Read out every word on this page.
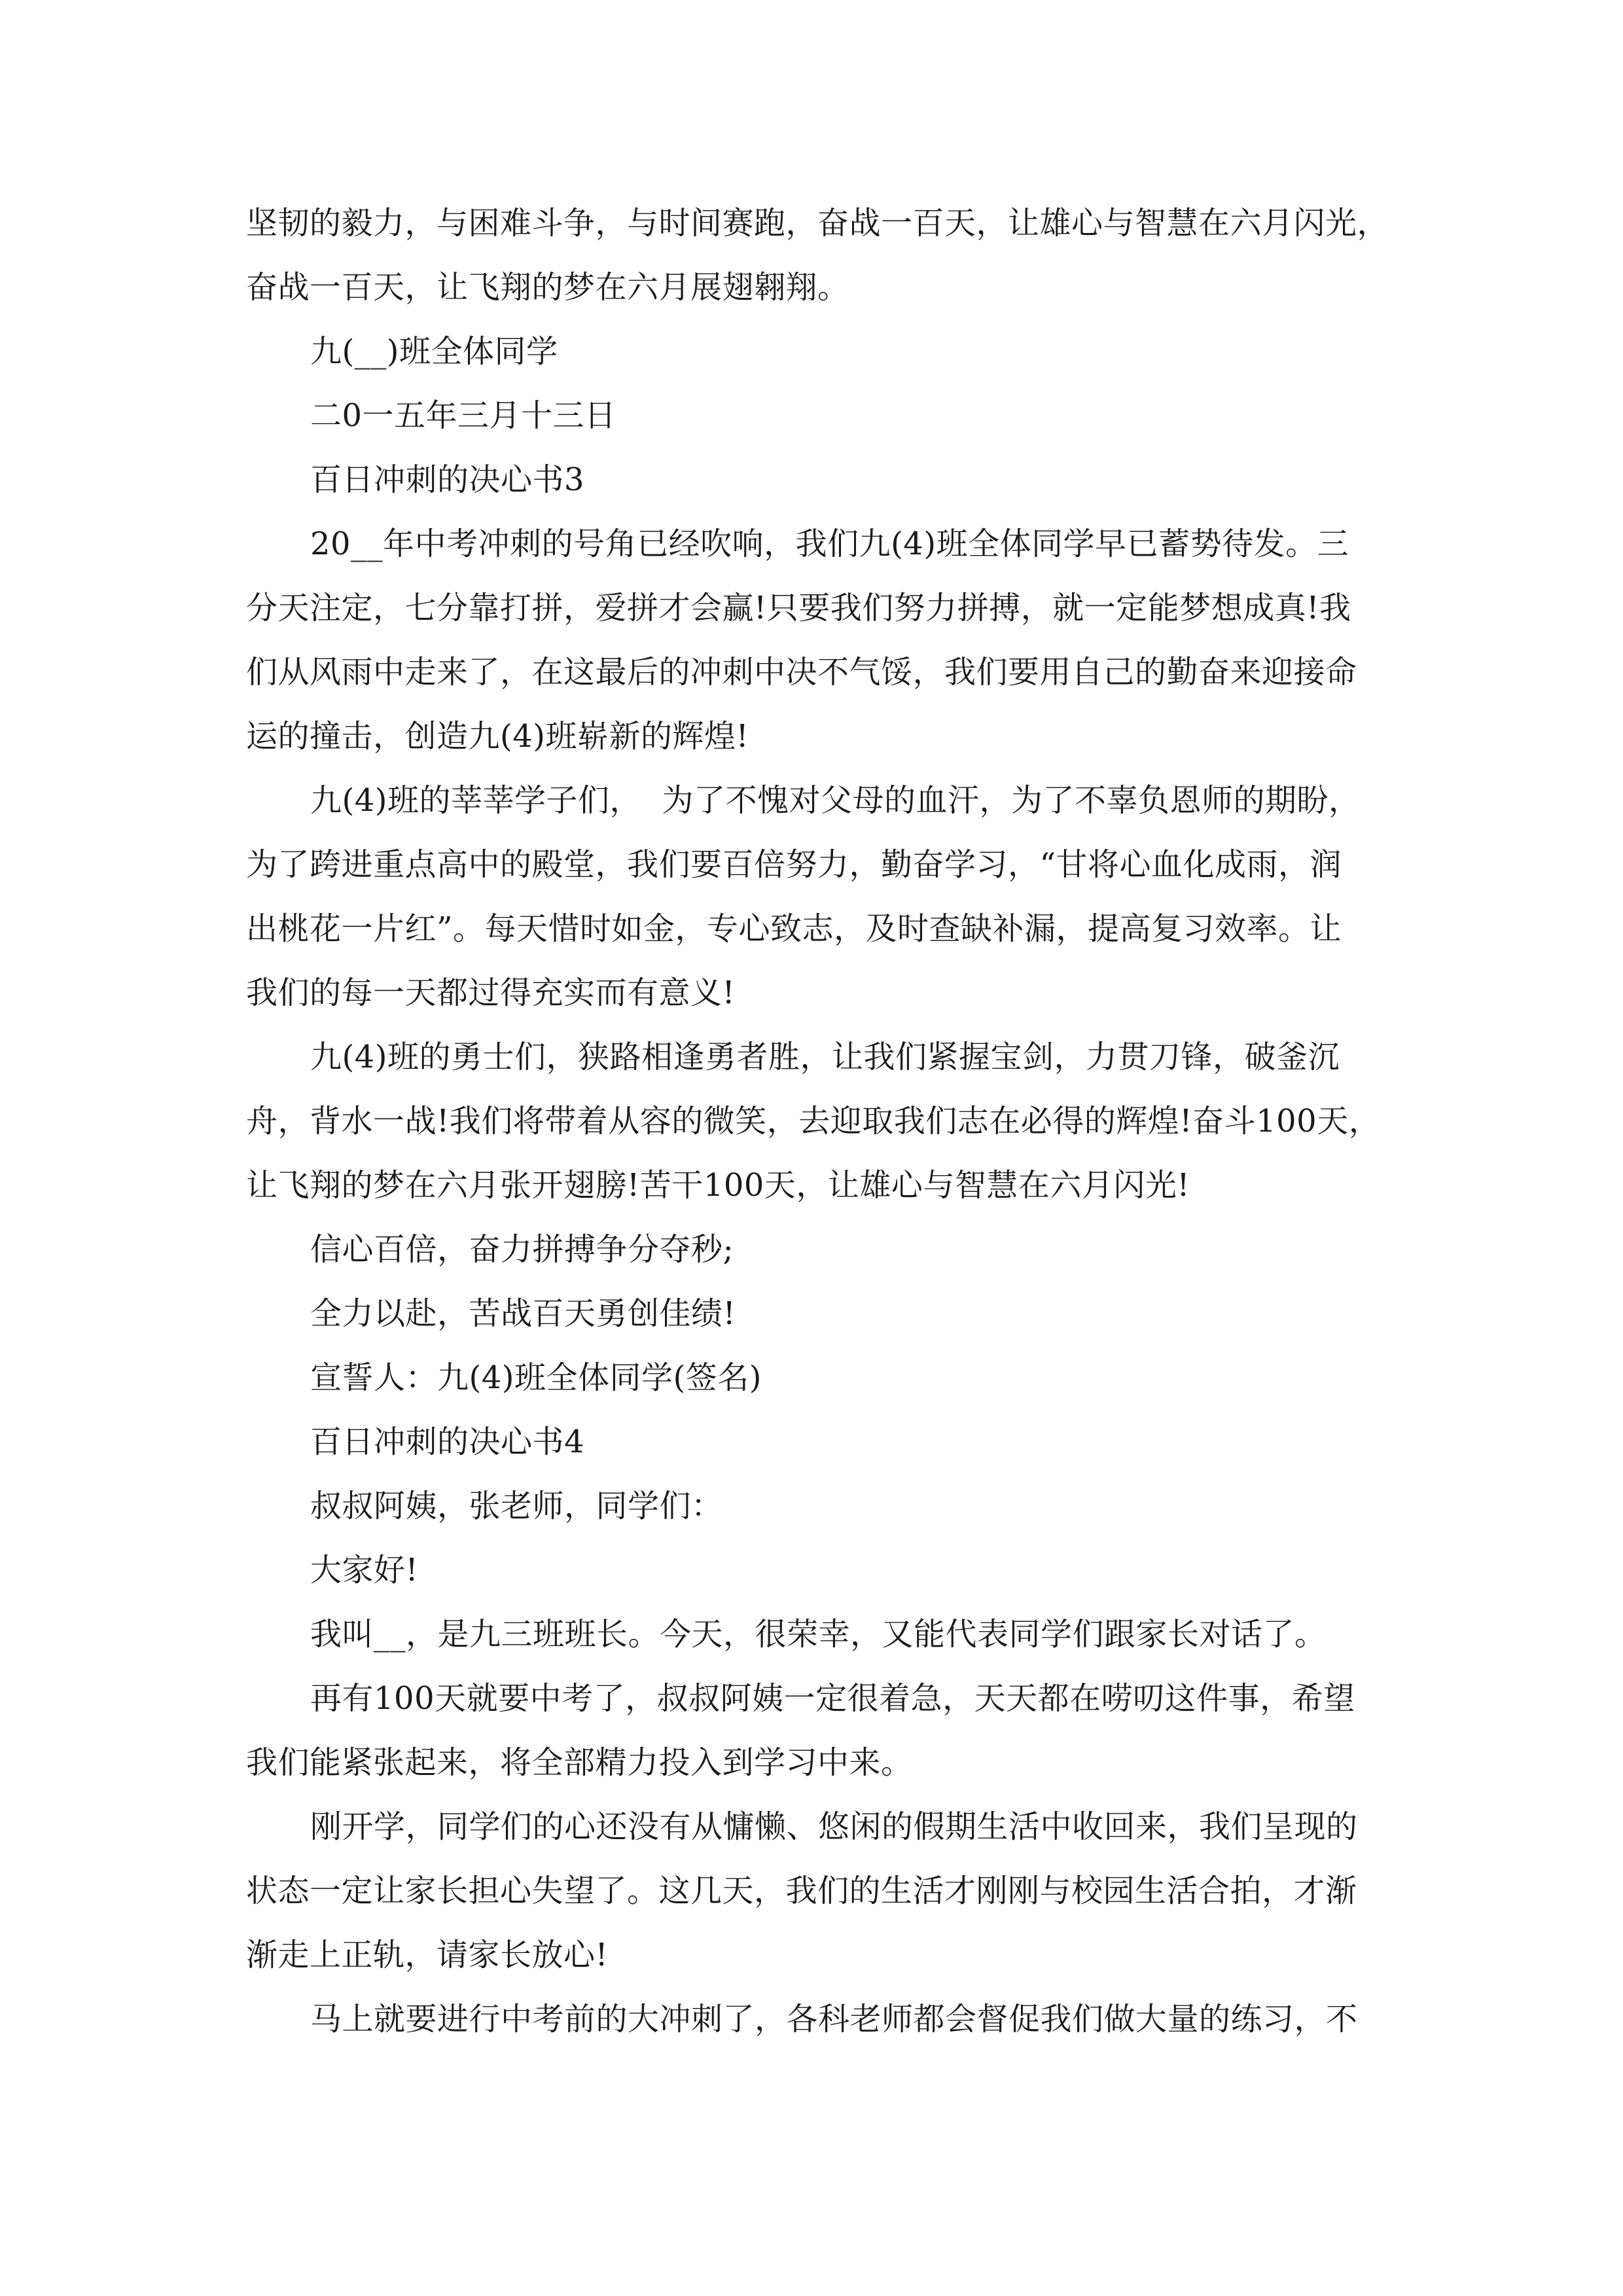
坚韧的毅力，与困难斗争，与时间赛跑，奋战一百天，让雄心与智慧在六月闪光，
奋战一百天，让飞翔的梦在六月展翅翱翔。
九(__)班全体同学
二0一五年三月十三日
百日冲刺的决心书3
20__年中考冲刺的号角已经吹响，我们九(4)班全体同学早已蓄势待发。三
分天注定，七分靠打拼，爱拼才会赢!只要我们努力拼搏，就一定能梦想成真!我
们从风雨中走来了，在这最后的冲刺中决不气馁，我们要用自己的勤奋来迎接命
运的撞击，创造九(4)班崭新的辉煌!
九(4)班的莘莘学子们，  为了不愧对父母的血汗，为了不辜负恩师的期盼，
为了跨进重点高中的殿堂，我们要百倍努力，勤奋学习，“甘将心血化成雨，润
出桃花一片红”。每天惜时如金，专心致志，及时查缺补漏，提高复习效率。让
我们的每一天都过得充实而有意义!
九(4)班的勇士们，狭路相逢勇者胜，让我们紧握宝剑，力贯刀锋，破釜沉
舟，背水一战!我们将带着从容的微笑，去迎取我们志在必得的辉煌!奋斗100天，
让飞翔的梦在六月张开翅膀!苦干100天，让雄心与智慧在六月闪光!
信心百倍，奋力拼搏争分夺秒;
全力以赴，苦战百天勇创佳绩!
宣誓人：九(4)班全体同学(签名)
百日冲刺的决心书4
叔叔阿姨，张老师，同学们：
大家好!
我叫__，是九三班班长。今天，很荣幸，又能代表同学们跟家长对话了。
再有100天就要中考了，叔叔阿姨一定很着急，天天都在唠叨这件事，希望
我们能紧张起来，将全部精力投入到学习中来。
刚开学，同学们的心还没有从慵懒、悠闲的假期生活中收回来，我们呈现的
状态一定让家长担心失望了。这几天，我们的生活才刚刚与校园生活合拍，才渐
渐走上正轨，请家长放心!
马上就要进行中考前的大冲刺了，各科老师都会督促我们做大量的练习，不
